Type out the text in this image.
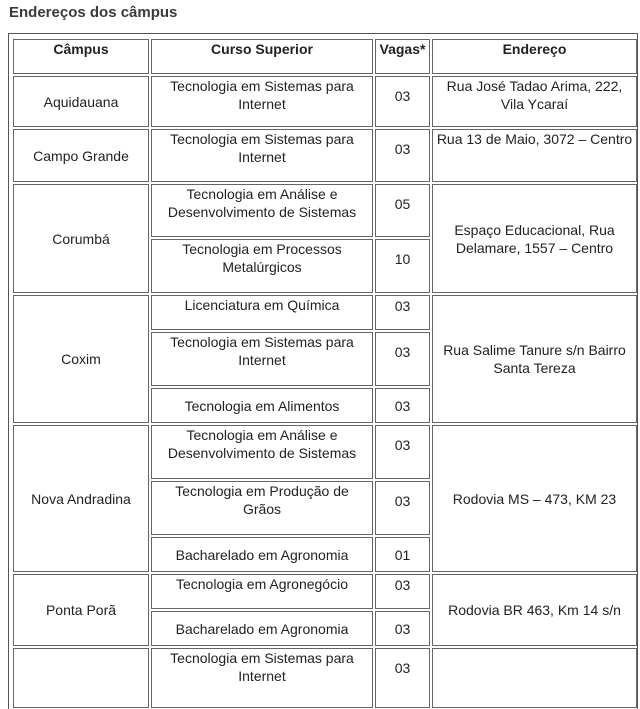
Endereços dos câmpus
Câmpus	Curso Superior	Vagas*	Endereço
Aquidauana	Tecnologia em Sistemas para Internet	03	Rua José Tadao Arima, 222, Vila Ycaraí
Campo Grande	Tecnologia em Sistemas para Internet	03	Rua 13 de Maio, 3072 – Centro
Corumbá	Tecnologia em Análise e Desenvolvimento de Sistemas	05	Espaço Educacional, Rua Delamare, 1557 – Centro
	Tecnologia em Processos Metalúrgicos	10	
Coxim	Licenciatura em Química	03	Rua Salime Tanure s/n Bairro Santa Tereza
	Tecnologia em Sistemas para Internet	03	
	Tecnologia em Alimentos	03	
Nova Andradina	Tecnologia em Análise e Desenvolvimento de Sistemas	03	Rodovia MS – 473, KM 23
	Tecnologia em Produção de Grãos	03	
	Bacharelado em Agronomia	01	
Ponta Porã	Tecnologia em Agronegócio	03	Rodovia BR 463, Km 14 s/n
	Bacharelado em Agronomia	03	
	Tecnologia em Sistemas para Internet	03	
